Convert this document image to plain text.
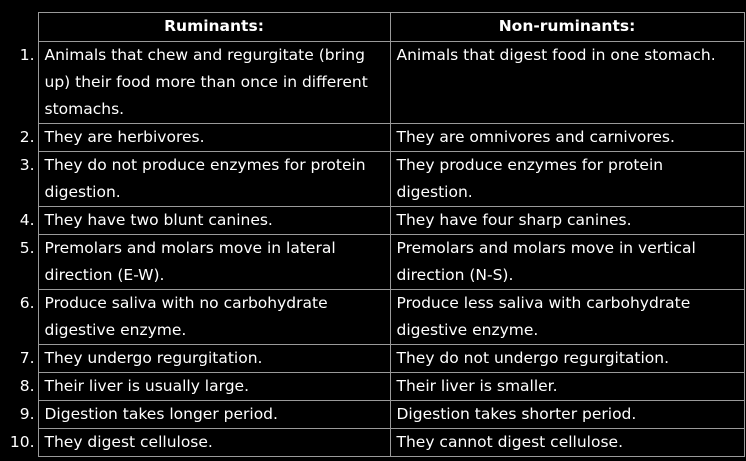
	Ruminants:	Non-ruminants:
1.	Animals that chew and regurgitate (bring up) their food more than once in different stomachs.	Animals that digest food in one stomach.
2.	They are herbivores.	They are omnivores and carnivores.
3.	They do not produce enzymes for protein digestion.	They produce enzymes for protein digestion.
4.	They have two blunt canines.	They have four sharp canines.
5.	Premolars and molars move in lateral direction (E-W).	Premolars and molars move in vertical direction (N-S).
6.	Produce saliva with no carbohydrate digestive enzyme.	Produce less saliva with carbohydrate digestive enzyme.
7.	They undergo regurgitation.	They do not undergo regurgitation.
8.	Their liver is usually large.	Their liver is smaller.
9.	Digestion takes longer period.	Digestion takes shorter period.
10.	They digest cellulose.	They cannot digest cellulose.
